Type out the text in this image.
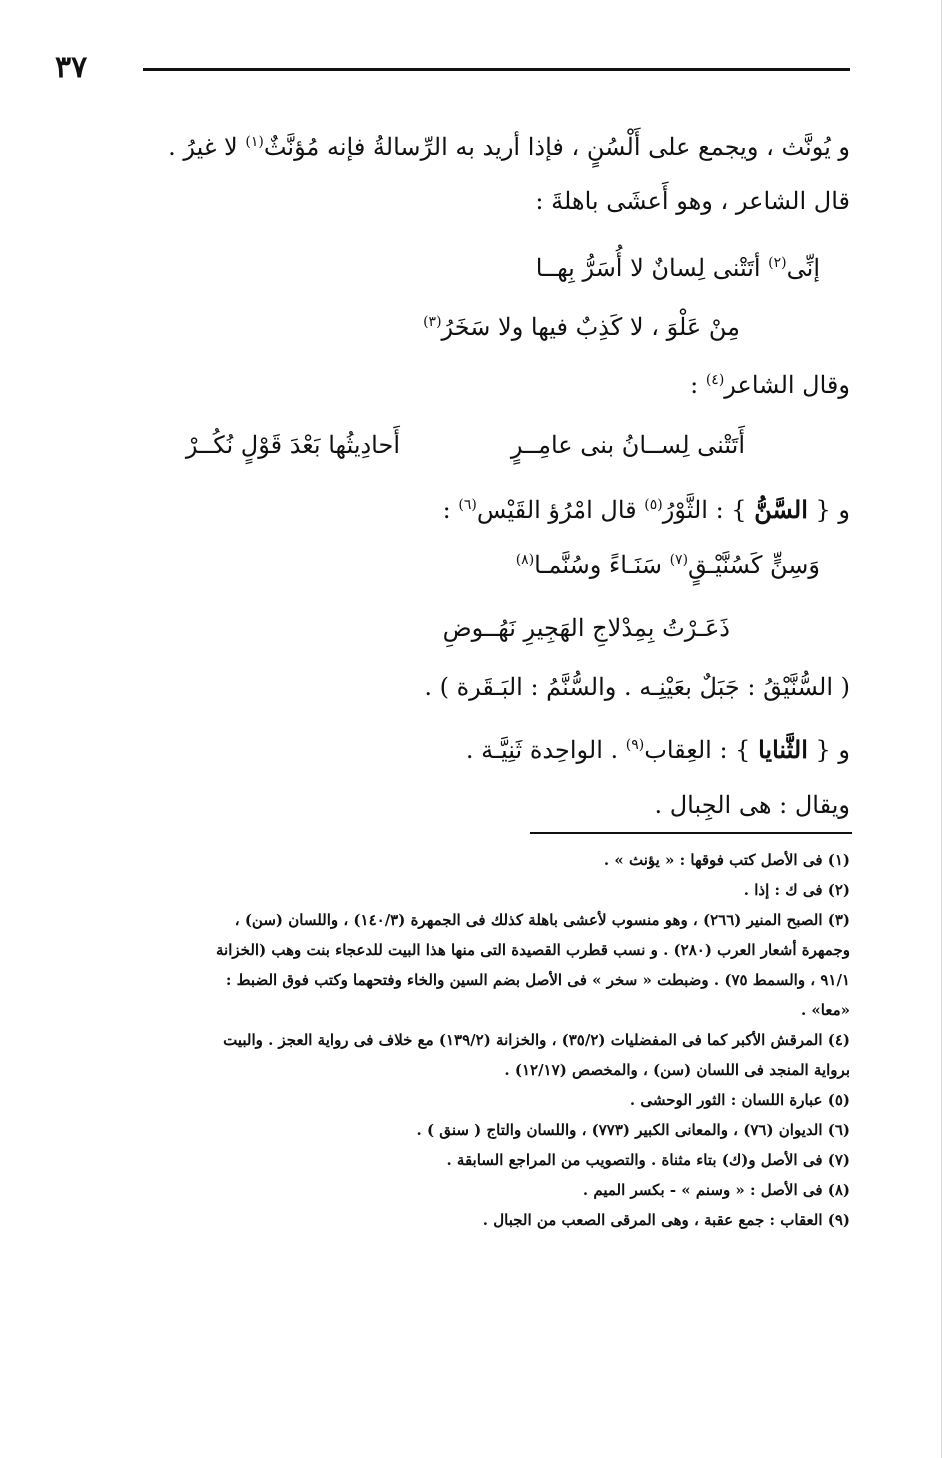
٣٧
و يُونَّث ، ويجمع على أَلْسُنٍ ، فإذا أريد به الرِّسالةُ فإنه مُؤنَّثٌ$^{(١)}$ لا غيرُ .
قال الشاعر ، وهو أَعشَى باهلةَ :
إنِّى$^{(٢)}$ أتَتْنى لِسانٌ لا أُسَرُّ بِهــا
مِنْ عَلْوَ ، لا كَذِبٌ فيها ولا سَخَرُ$^{(٣)}$
وقال الشاعر$^{(٤)}$ :
أَتَتْنى لِســانُ بنى عامِــرٍ
أَحادِيثُها بَعْدَ قَوْلٍ نُكُــرْ
و { السَّنُّ } : الثَّوْرُ$^{(٥)}$ قال امْرُؤ القَيْس$^{(٦)}$ :
وَسِنٍّ كَسُنَّيْـقٍ$^{(٧)}$ سَنَـاءً وسُنَّمـا$^{(٨)}$
ذَعَـرْتُ بِمِدْلاجِ الهَجِيرِ نَهُــوضِ
( السُّنَّيْقُ : جَبَلٌ بعَيْنِـه . والسُّنَّمُ : البَـقَرة ) .
و { الثَّنايا } : العِقاب$^{(٩)}$ . الواحِدة ثَنِيَّـة .
ويقال : هى الجِبال .
(١) فى الأصل كتب فوقها : « يؤنث » .
(٢) فى ك : إذا .
(٣) الصبح المنير (٢٦٦) ، وهو منسوب لأعشى باهلة كذلك فى الجمهرة (١٤٠/٣) ، واللسان (سن) ،
وجمهرة أشعار العرب (٢٨٠) . و نسب قطرب القصيدة التى منها هذا البيت للدعجاء بنت وهب (الخزانة
٩١/١ ، والسمط ٧٥) . وضبطت « سخر » فى الأصل بضم السين والخاء وفتحهما وكتب فوق الضبط :
«معا» .
(٤) المرقش الأكبر كما فى المفضليات (٣٥/٢) ، والخزانة (١٣٩/٢) مع خلاف فى رواية العجز . والبيت
برواية المنجد فى اللسان (سن) ، والمخصص (١٢/١٧) .
(٥) عبارة اللسان : الثور الوحشى .
(٦) الديوان (٧٦) ، والمعانى الكبير (٧٧٣) ، واللسان والتاج ( سنق ) .
(٧) فى الأصل و(ك) بتاء مثناة . والتصويب من المراجع السابقة .
(٨) فى الأصل : « وسنم » - بكسر الميم .
(٩) العقاب : جمع عقبة ، وهى المرقى الصعب من الجبال .
